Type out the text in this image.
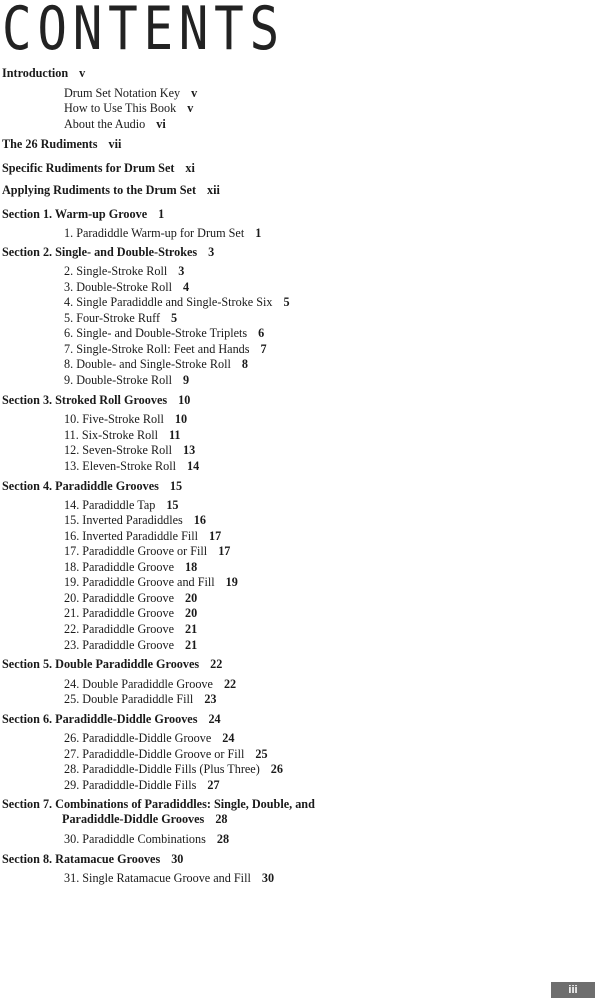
CONTENTS
Introduction v
Drum Set Notation Key v
How to Use This Book v
About the Audio vi
The 26 Rudiments vii
Specific Rudiments for Drum Set xi
Applying Rudiments to the Drum Set xii
Section 1. Warm-up Groove 1
1. Paradiddle Warm-up for Drum Set 1
Section 2. Single- and Double-Strokes 3
2. Single-Stroke Roll 3
3. Double-Stroke Roll 4
4. Single Paradiddle and Single-Stroke Six 5
5. Four-Stroke Ruff 5
6. Single- and Double-Stroke Triplets 6
7. Single-Stroke Roll: Feet and Hands 7
8. Double- and Single-Stroke Roll 8
9. Double-Stroke Roll 9
Section 3. Stroked Roll Grooves 10
10. Five-Stroke Roll 10
11. Six-Stroke Roll 11
12. Seven-Stroke Roll 13
13. Eleven-Stroke Roll 14
Section 4. Paradiddle Grooves 15
14. Paradiddle Tap 15
15. Inverted Paradiddles 16
16. Inverted Paradiddle Fill 17
17. Paradiddle Groove or Fill 17
18. Paradiddle Groove 18
19. Paradiddle Groove and Fill 19
20. Paradiddle Groove 20
21. Paradiddle Groove 20
22. Paradiddle Groove 21
23. Paradiddle Groove 21
Section 5. Double Paradiddle Grooves 22
24. Double Paradiddle Groove 22
25. Double Paradiddle Fill 23
Section 6. Paradiddle-Diddle Grooves 24
26. Paradiddle-Diddle Groove 24
27. Paradiddle-Diddle Groove or Fill 25
28. Paradiddle-Diddle Fills (Plus Three) 26
29. Paradiddle-Diddle Fills 27
Section 7. Combinations of Paradiddles: Single, Double, and
Paradiddle-Diddle Grooves 28
30. Paradiddle Combinations 28
Section 8. Ratamacue Grooves 30
31. Single Ratamacue Groove and Fill 30
iii
